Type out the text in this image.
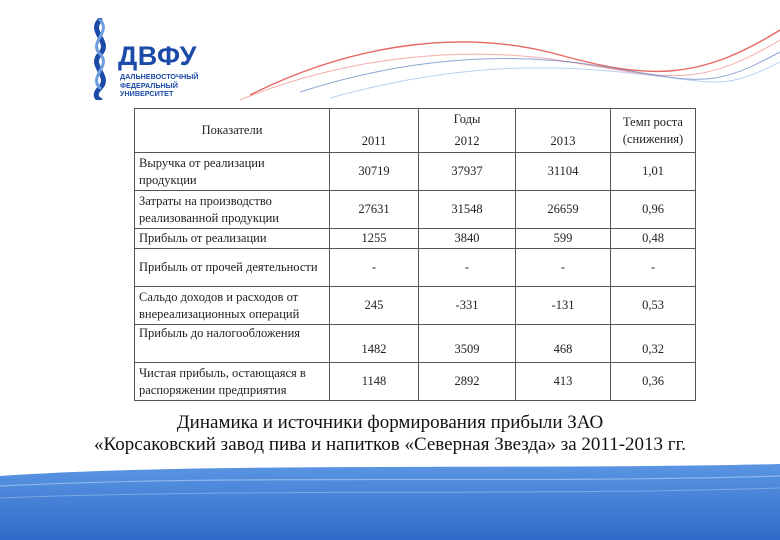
ДВФУ
ДАЛЬНЕВОСТОЧНЫЙ
ФЕДЕРАЛЬНЫЙ
УНИВЕРСИТЕТ
Показатели		Годы		Темп роста (снижения)
	2011	2012	2013	
Выручка от реализации продукции	30719	37937	31104	1,01
Затраты на производство реализованной продукции	27631	31548	26659	0,96
Прибыль от реализации	1255	3840	599	0,48
Прибыль от прочей деятельности	-	-	-	-
Сальдо доходов и расходов от внереализационных операций	245	-331	-131	0,53
Прибыль до налогообложения	1482	3509	468	0,32
Чистая прибыль, остающаяся в распоряжении предприятия	1148	2892	413	0,36
Динамика и источники формирования прибыли ЗАО
«Корсаковский завод пива и напитков «Северная Звезда» за 2011-2013 гг.
